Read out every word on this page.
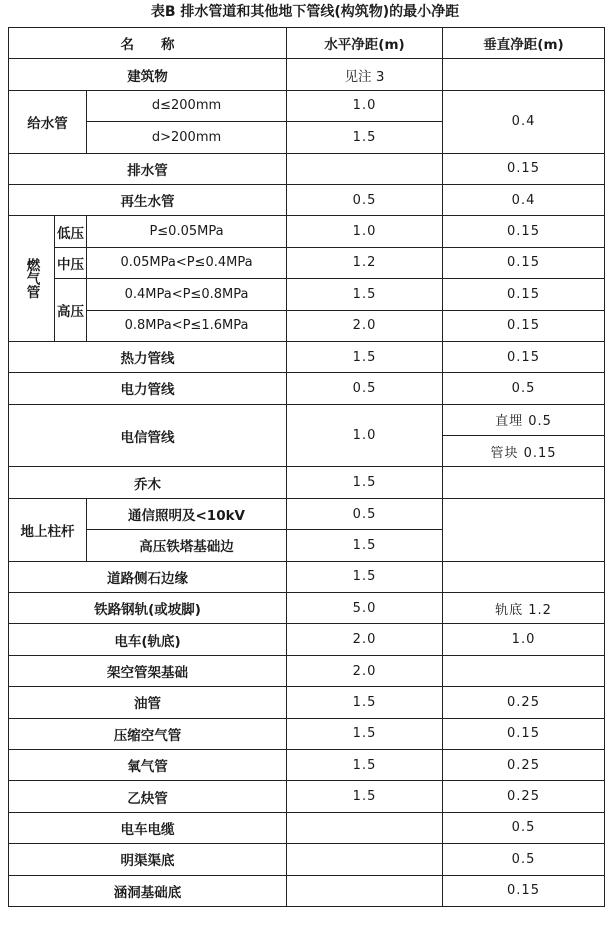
表B 排水管道和其他地下管线(构筑物)的最小净距
名　　称			水平净距(m)	垂直净距(m)
建筑物			见注 3	
给水管		d≤200mm	1.0	0.4
		d>200mm	1.5	
排水管				0.15
再生水管			0.5	0.4
燃气管	低压	P≤0.05MPa	1.0	0.15
	中压	0.05MPa<P≤0.4MPa	1.2	0.15
	高压	0.4MPa<P≤0.8MPa	1.5	0.15
		0.8MPa<P≤1.6MPa	2.0	0.15
热力管线			1.5	0.15
电力管线			0.5	0.5
电信管线			1.0	直埋 0.5
				管块 0.15
乔木			1.5	
地上柱杆		通信照明及<10kV	0.5	
		高压铁塔基础边	1.5	
道路侧石边缘			1.5	
铁路钢轨(或坡脚)			5.0	轨底 1.2
电车(轨底)			2.0	1.0
架空管架基础			2.0	
油管			1.5	0.25
压缩空气管			1.5	0.15
氧气管			1.5	0.25
乙炔管			1.5	0.25
电车电缆				0.5
明渠渠底				0.5
涵洞基础底				0.15
